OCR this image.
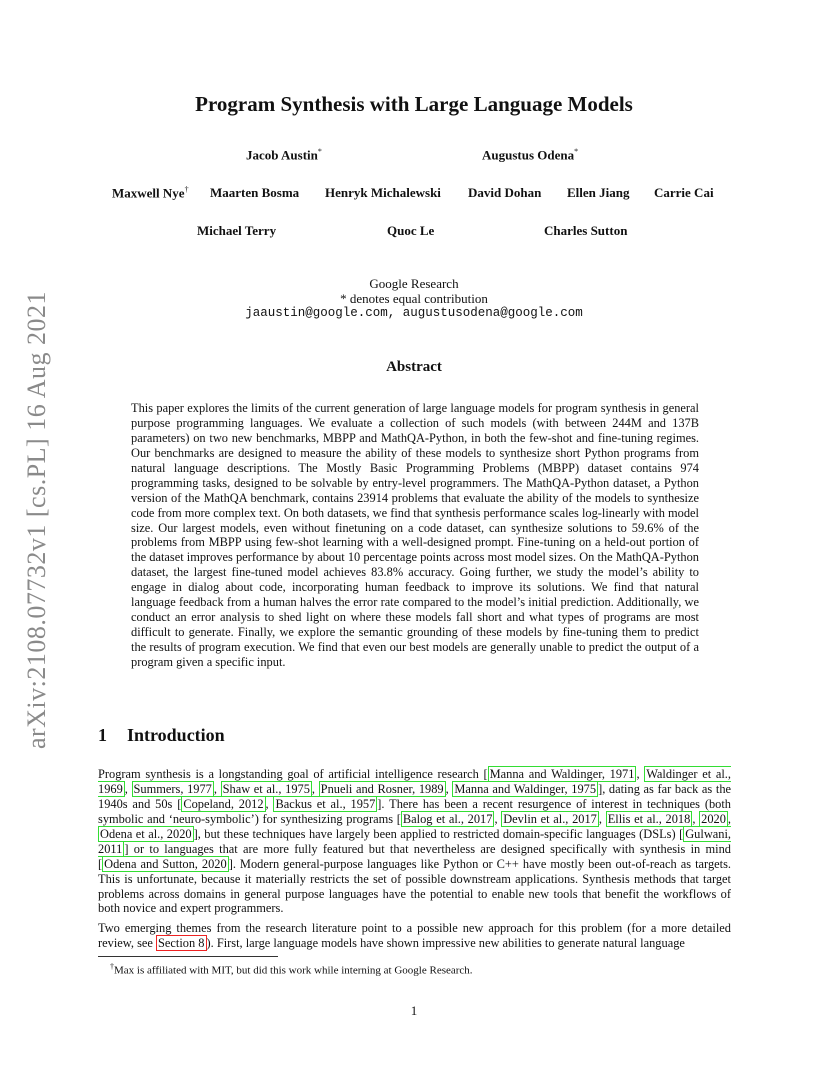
arXiv:2108.07732v1 [cs.PL] 16 Aug 2021
Program Synthesis with Large Language Models
Jacob Austin*	Augustus Odena*
Maxwell Nye† Maarten Bosma Henryk Michalewski David Dohan Ellen Jiang Carrie Cai
Michael Terry	Quoc Le	Charles Sutton
Google Research
* denotes equal contribution
jaaustin@google.com, augustusodena@google.com
Abstract

This paper explores the limits of the current generation of large language models for program synthesis in general purpose programming languages. We evaluate a collection of such models (with between 244M and 137B parameters) on two new benchmarks, MBPP and MathQA-Python, in both the few-shot and fine-tuning regimes. Our benchmarks are designed to measure the ability of these models to synthesize short Python programs from natural language descriptions. The Mostly Basic Programming Problems (MBPP) dataset contains 974 programming tasks, designed to be solvable by entry-level programmers. The MathQA-Python dataset, a Python version of the MathQA benchmark, contains 23914 problems that evaluate the ability of the models to synthesize code from more complex text. On both datasets, we find that synthesis performance scales log-linearly with model size. Our largest models, even without finetuning on a code dataset, can synthesize solutions to 59.6% of the problems from MBPP using few-shot learning with a well-designed prompt. Fine-tuning on a held-out portion of the dataset improves performance by about 10 percentage points across most model sizes. On the MathQA-Python dataset, the largest fine-tuned model achieves 83.8% accuracy. Going further, we study the model’s ability to engage in dialog about code, incorporating human feedback to improve its solutions. We find that natural language feedback from a human halves the error rate compared to the model’s initial prediction. Additionally, we conduct an error analysis to shed light on where these models fall short and what types of programs are most difficult to generate. Finally, we explore the semantic grounding of these models by fine-tuning them to predict the results of program execution. We find that even our best models are generally unable to predict the output of a program given a specific input.

1 Introduction

Program synthesis is a longstanding goal of artificial intelligence research [ Manna and Waldinger, 1971 , Waldinger et al., 1969 , Summers, 1977 , Shaw et al., 1975 , Pnueli and Rosner, 1989 , Manna and Waldinger, 1975 ], dating as far back as the 1940s and 50s [ Copeland, 2012 , Backus et al., 1957 ]. There has been a recent resurgence of interest in techniques (both symbolic and ‘neuro-symbolic’) for synthesizing programs [ Balog et al., 2017 , Devlin et al., 2017 , Ellis et al., 2018 , 2020 , Odena et al., 2020 ], but these techniques have largely been applied to restricted domain-specific languages (DSLs) [ Gulwani, 2011 ] or to languages that are more fully featured but that nevertheless are designed specifically with synthesis in mind [ Odena and Sutton, 2020 ]. Modern general-purpose languages like Python or C++ have mostly been out-of-reach as targets. This is unfortunate, because it materially restricts the set of possible downstream applications. Synthesis methods that target problems across domains in general purpose languages have the potential to enable new tools that benefit the workflows of both novice and expert programmers.

Two emerging themes from the research literature point to a possible new approach for this problem (for a more detailed review, see Section 8 ). First, large language models have shown impressive new abilities to generate natural language

†Max is affiliated with MIT, but did this work while interning at Google Research.
1
